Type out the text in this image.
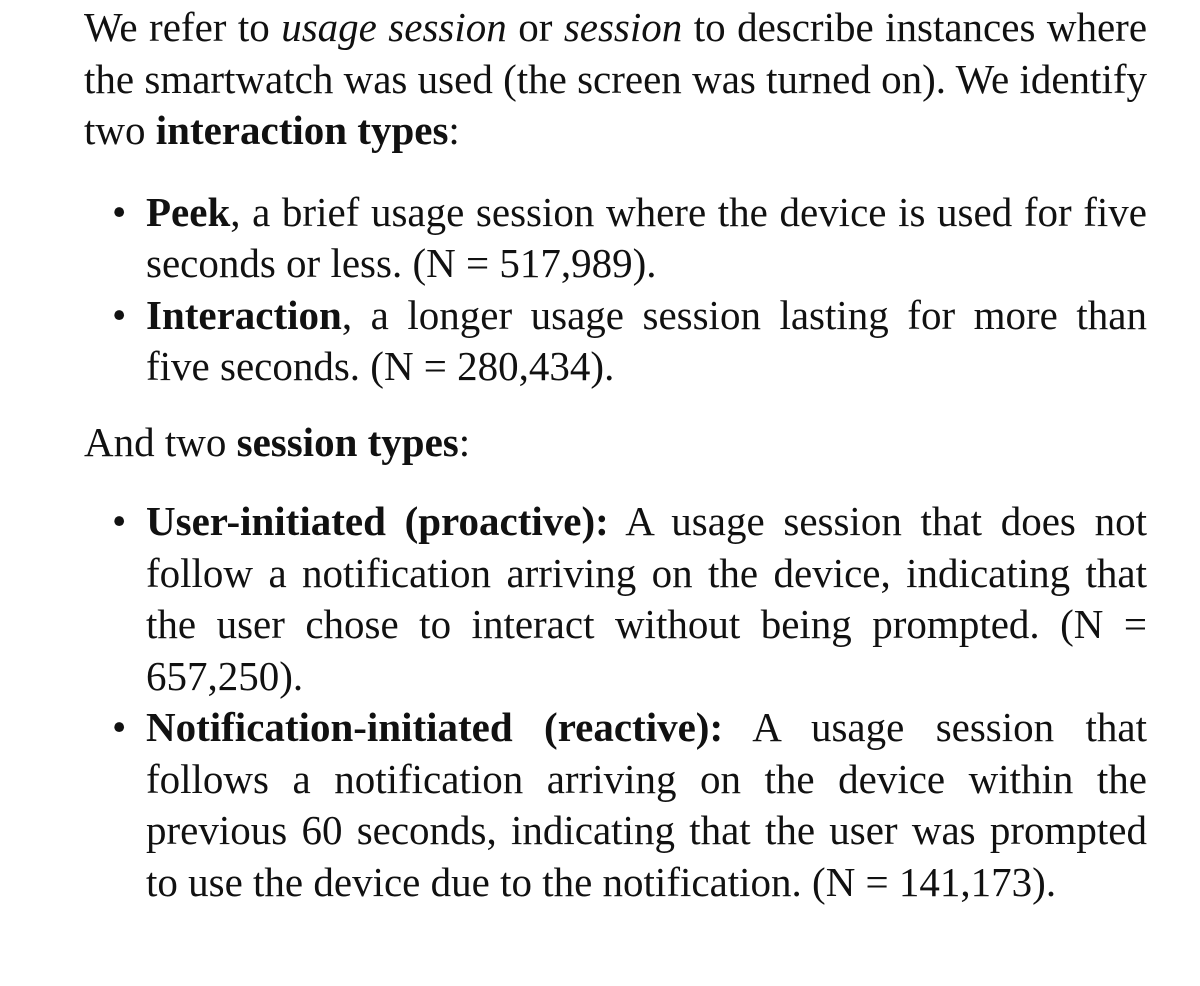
We refer to usage session or session to describe instances where the smartwatch was used (the screen was turned on). We identify two interaction types:

• Peek, a brief usage session where the device is used for five seconds or less. (N = 517,989).
• Interaction, a longer usage session lasting for more than five seconds. (N = 280,434).

And two session types:

• User-initiated (proactive): A usage session that does not follow a notification arriving on the device, indicating that the user chose to interact without being prompted. (N = 657,250).
• Notification-initiated (reactive): A usage session that follows a notification arriving on the device within the previous 60 seconds, indicating that the user was prompted to use the device due to the notification. (N = 141,173).
